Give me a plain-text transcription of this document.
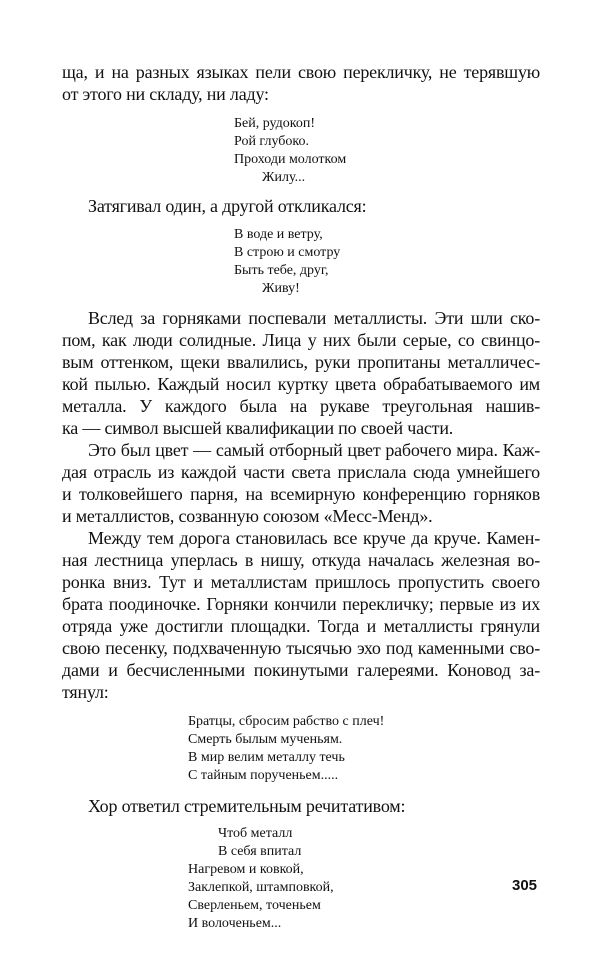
ща, и на разных языках пели свою перекличку, не терявшую
от этого ни складу, ни ладу:
Бей, рудокоп!
Рой глубоко.
Проходи молотком
Жилу...
Затягивал один, а другой откликался:
В воде и ветру,
В строю и смотру
Быть тебе, друг,
Живу!
Вслед за горняками поспевали металлисты. Эти шли ско-
пом, как люди солидные. Лица у них были серые, со свинцо-
вым оттенком, щеки ввалились, руки пропитаны металличес-
кой пылью. Каждый носил куртку цвета обрабатываемого им
металла. У каждого была на рукаве треугольная нашив-
ка — символ высшей квалификации по своей части.
Это был цвет — самый отборный цвет рабочего мира. Каж-
дая отрасль из каждой части света прислала сюда умнейшего
и толковейшего парня, на всемирную конференцию горняков
и металлистов, созванную союзом «Месс-Менд».
Между тем дорога становилась все круче да круче. Камен-
ная лестница уперлась в нишу, откуда началась железная во-
ронка вниз. Тут и металлистам пришлось пропустить своего
брата поодиночке. Горняки кончили перекличку; первые из их
отряда уже достигли площадки. Тогда и металлисты грянули
свою песенку, подхваченную тысячью эхо под каменными сво-
дами и бесчисленными покинутыми галереями. Коновод за-
тянул:
Братцы, сбросим рабство с плеч!
Смерть былым мученьям.
В мир велим металлу течь
С тайным порученьем.....
Хор ответил стремительным речитативом:
Чтоб металл
В себя впитал
Нагревом и ковкой,
Заклепкой, штамповкой,
Сверленьем, точеньем
И волоченьем...
305
